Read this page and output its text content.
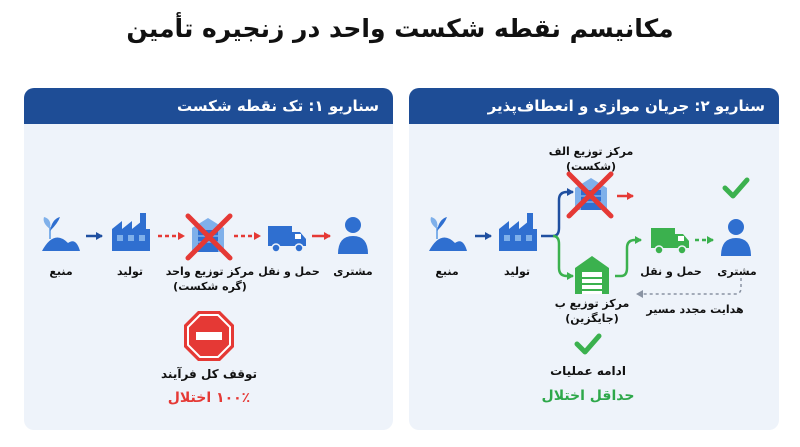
مکانیسم نقطه شکست واحد در زنجیره تأمین
سناریو ۲: جریان موازی و انعطاف‌پذیر
مرکز توزیع الف
(شکست)
منبع	تولید	حمل و نقل مشتری
مرکز توزیع ب
(جایگزین)
هدایت مجدد مسیر
ادامه عملیات
حداقل اختلال
سناریو ۱: تک نقطه شکست
منبع	تولید مرکز توزیع واحد
(گره شکست)
حمل و نقل مشتری
توقف کل فرآیند
۱۰۰٪ اختلال
